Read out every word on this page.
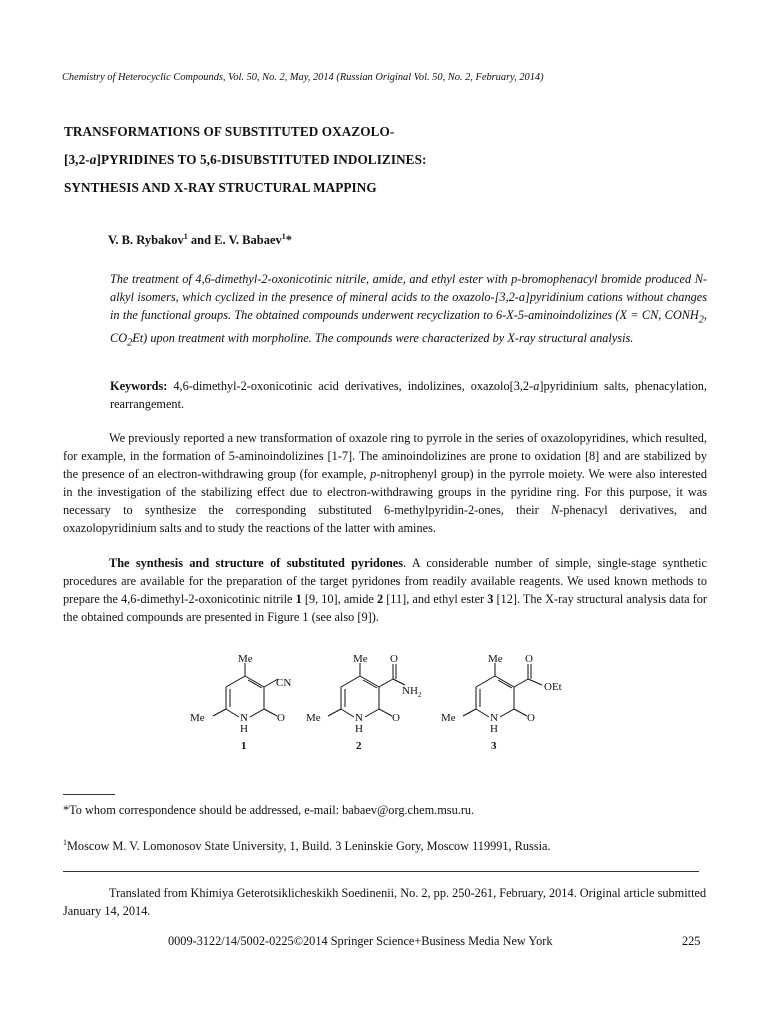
Chemistry of Heterocyclic Compounds, Vol. 50, No. 2, May, 2014 (Russian Original Vol. 50, No. 2, February, 2014)
TRANSFORMATIONS OF SUBSTITUTED OXAZOLO-
[3,2-a]PYRIDINES TO 5,6-DISUBSTITUTED INDOLIZINES:
SYNTHESIS AND X-RAY STRUCTURAL MAPPING
V. B. Rybakov$^1$ and E. V. Babaev$^1$*
The treatment of 4,6-dimethyl-2-oxonicotinic nitrile, amide, and ethyl ester with p-bromophenacyl bromide produced N-alkyl isomers, which cyclized in the presence of mineral acids to the oxazolo-[3,2-a]pyridinium cations without changes in the functional groups. The obtained compounds underwent recyclization to 6-X-5-aminoindolizines (X = CN, $CONH_2$, $CO_2Et$) upon treatment with morpholine. The compounds were characterized by X-ray structural analysis.
Keywords: 4,6-dimethyl-2-oxonicotinic acid derivatives, indolizines, oxazolo[3,2-a]pyridinium salts, phenacylation, rearrangement.
We previously reported a new transformation of oxazole ring to pyrrole in the series of oxazolopyridines, which resulted, for example, in the formation of 5-aminoindolizines [1-7]. The aminoindolizines are prone to oxidation [8] and are stabilized by the presence of an electron-withdrawing group (for example, p-nitrophenyl group) in the pyrrole moiety. We were also interested in the investigation of the stabilizing effect due to electron-withdrawing groups in the pyridine ring. For this purpose, it was necessary to synthesize the corresponding substituted 6-methylpyridin-2-ones, their N-phenacyl derivatives, and oxazolopyridinium salts and to study the reactions of the latter with amines.
The synthesis and structure of substituted pyridones. A considerable number of simple, single-stage synthetic procedures are available for the preparation of the target pyridones from readily available reagents. We used known methods to prepare the 4,6-dimethyl-2-oxonicotinic nitrile 1 [9, 10], amide 2 [11], and ethyl ester 3 [12]. The X-ray structural analysis data for the obtained compounds are presented in Figure 1 (see also [9]).
Me
CN
N
H
O
Me
1
Me O
$NH_2$
N
H
O
Me
2
Me O
OEt
N
H
O
Me
3
*To whom correspondence should be addressed, e-mail: babaev@org.chem.msu.ru.
$^1$Moscow M. V. Lomonosov State University, 1, Build. 3 Leninskie Gory, Moscow 119991, Russia.
Translated from Khimiya Geterotsiklicheskikh Soedinenii, No. 2, pp. 250-261, February, 2014. Original article submitted January 14, 2014.
0009-3122/14/5002-0225©2014 Springer Science+Business Media New York	225
